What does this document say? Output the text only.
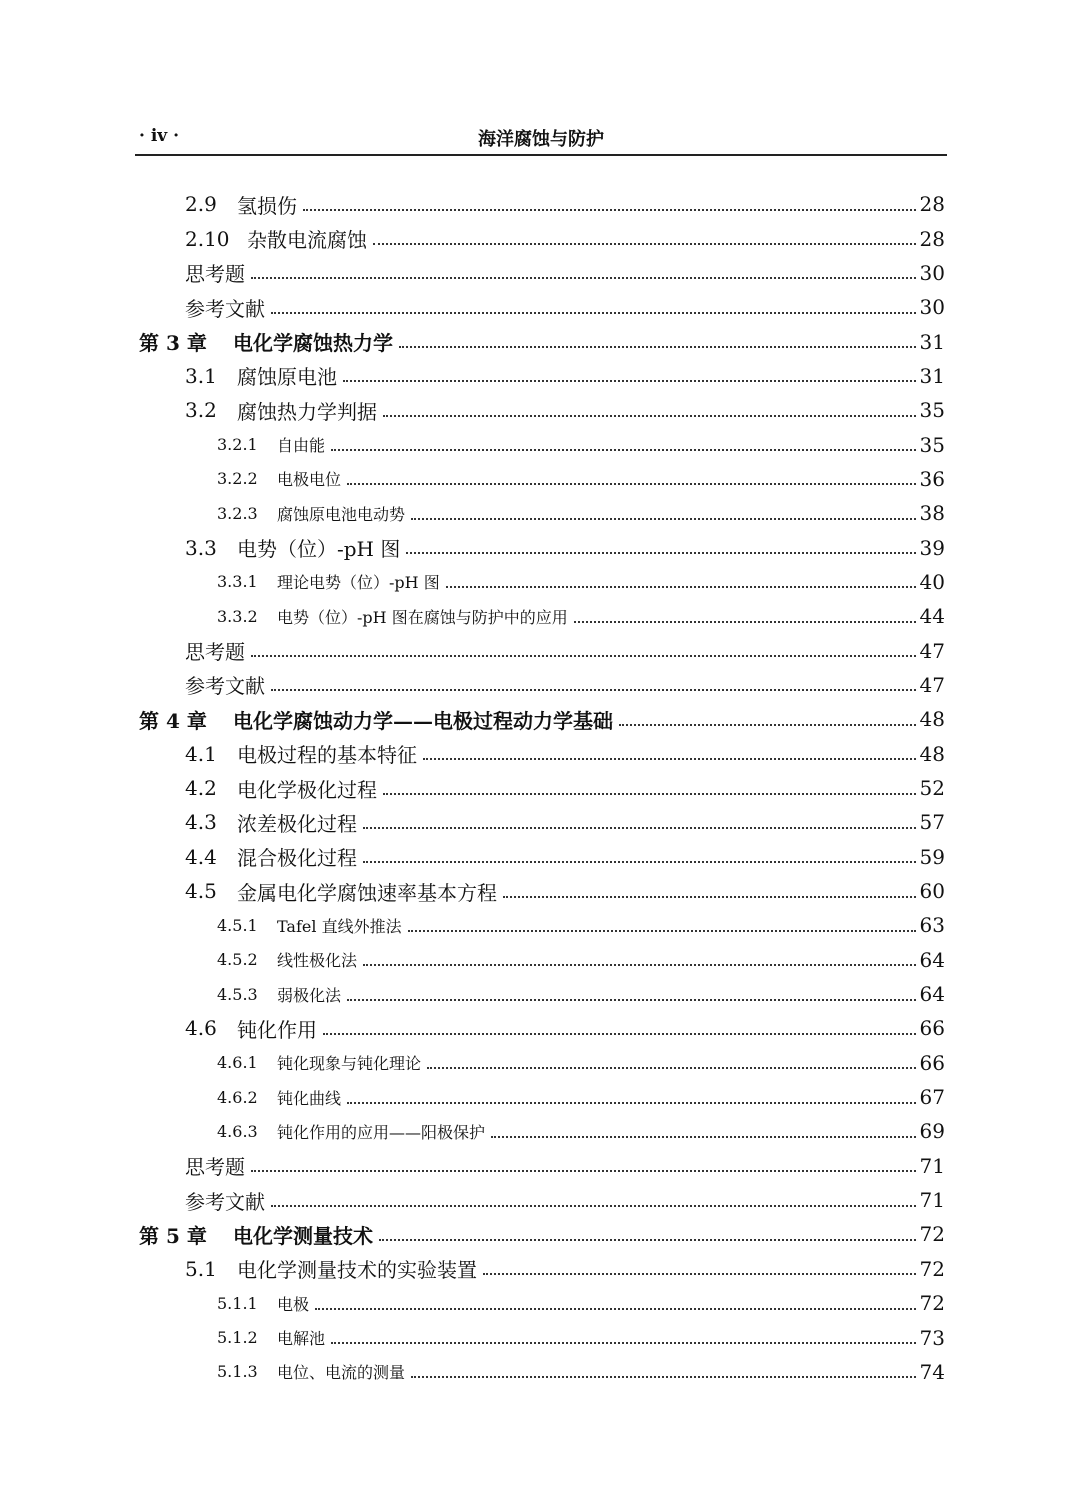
· iv ·	海洋腐蚀与防护
2.9	氢损伤	28
2.10 杂散电流腐蚀	28
思考题	30
参考文献	30
第 3 章	电化学腐蚀热力学	31
3.1	腐蚀原电池	31
3.2	腐蚀热力学判据	35
3.2.1	自由能	35
3.2.2	电极电位	36
3.2.3	腐蚀原电池电动势	38
3.3	电势（位）-pH 图	39
3.3.1	理论电势（位）-pH 图	40
3.3.2	电势（位）-pH 图在腐蚀与防护中的应用	44
思考题	47
参考文献	47
第 4 章	电化学腐蚀动力学——电极过程动力学基础	48
4.1	电极过程的基本特征	48
4.2	电化学极化过程	52
4.3	浓差极化过程	57
4.4	混合极化过程	59
4.5	金属电化学腐蚀速率基本方程	60
4.5.1	Tafel 直线外推法	63
4.5.2	线性极化法	64
4.5.3	弱极化法	64
4.6	钝化作用	66
4.6.1	钝化现象与钝化理论	66
4.6.2	钝化曲线	67
4.6.3	钝化作用的应用——阳极保护	69
思考题	71
参考文献	71
第 5 章	电化学测量技术	72
5.1	电化学测量技术的实验装置	72
5.1.1	电极	72
5.1.2	电解池	73
5.1.3	电位、电流的测量	74
